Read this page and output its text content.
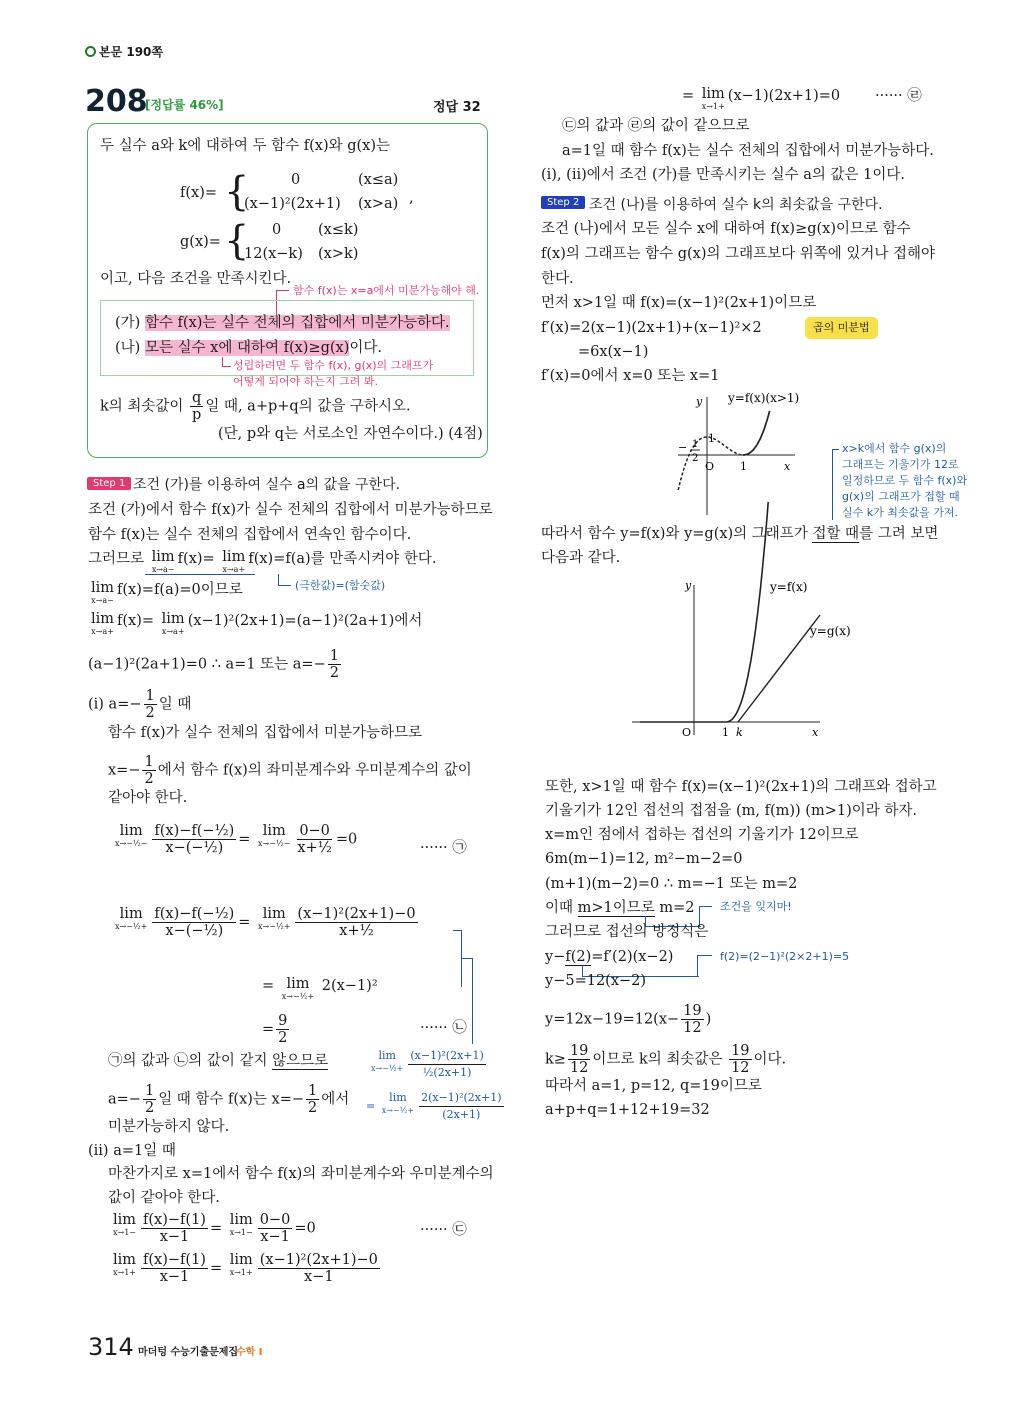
본문 190쪽
208
[정답률 46%]	정답 32
두 실수 a와 k에 대하여 두 함수 f(x)와 g(x)는
f(x)= {	0	(x≤a)
(x−1)²(2x+1) (x>a) ,
g(x)= { 0	(x≤k)
12(x−k) (x>k)
이고, 다음 조건을 만족시킨다.
함수 f(x)는 x=a에서 미분가능해야 해.
(가) 함수 f(x)는 실수 전체의 집합에서 미분가능하다.
(나) 모든 실수 x에 대하여 f(x)≥g(x)이다.
성립하려면 두 함수 f(x), g(x)의 그래프가
어떻게 되어야 하는지 그려 봐.
k의 최솟값이 $\frac{q}{p}$ 일 때, a+p+q의 값을 구하시오.
(단, p와 q는 서로소인 자연수이다.) (4점)
Step 1 조건 (가)를 이용하여 실수 a의 값을 구한다.
조건 (가)에서 함수 f(x)가 실수 전체의 집합에서 미분가능하므로
함수 f(x)는 실수 전체의 집합에서 연속인 함수이다.
그러므로 lim
x→a−
f(x)= lim
x→a+
f(x)=f(a)를 만족시켜야 한다.
(극한값)=(함숫값)
lim
x→a−
f(x)=f(a)=0이므로
lim
x→a+
f(x)= lim
x→a+
(x−1)²(2x+1)=(a−1)²(2a+1)에서
(a−1)²(2a+1)=0 ∴ a=1 또는 $a=- \frac{1}{2}$
(i) $a=- \frac{1}{2}$ 일 때
함수 f(x)가 실수 전체의 집합에서 미분가능하므로
$x=- \frac{1}{2}$ 에서 함수 f(x)의 좌미분계수와 우미분계수의 값이
같아야 한다.
lim
x→−½− $\frac{\text{f(x)−f(−½)}}{\text{x−(−½)}}$ =
lim
x→−½− $\frac{0-0}{\text{x+½}} =0$
······ ㉠
lim
x→−½+ $\frac{\text{f(x)−f(−½)}}{\text{x−(−½)}}$ =
lim
x→−½+ $\frac{\text{(x−1)²(2x+1)−0}}{\text{x+½}}$
= lim
x→−½+
2(x−1)²
= $\frac{9}{2}$	······ ㉡
lim
x→−½+ $\frac{\text{(x−1)²(2x+1)}}{\text{½(2x+1)}}$
=
lim
x→−½+ $\frac{\text{2(x−1)²(2x+1)}}{(2x+1)}$
㉠의 값과 ㉡의 값이 같지 않으므로
$a=- \frac{1}{2}$ 일 때 함수 f(x)는 $x=- \frac{1}{2}$ 에서
미분가능하지 않다.
(ii) a=1일 때
마찬가지로 x=1에서 함수 f(x)의 좌미분계수와 우미분계수의
값이 같아야 한다.
lim
$x\to 1- \frac{f(x)-f(1)}{x-1}$ =
lim
$x\to 1- \frac{0-0}{x-1} =0$	······ ㉢
lim
$x\to 1+ \frac{f(x)-f(1)}{x-1}$ =
lim
$x\to 1+ \frac{\text{(x−1)²(2x+1)−0}}{x-1}$
= lim
x→1+
(x−1)(2x+1)=0 ······ ㉣
㉢의 값과 ㉣의 값이 같으므로
a=1일 때 함수 f(x)는 실수 전체의 집합에서 미분가능하다.
(i), (ii)에서 조건 (가)를 만족시키는 실수 a의 값은 1이다.
Step 2 조건 (나)를 이용하여 실수 k의 최솟값을 구한다.
조건 (나)에서 모든 실수 x에 대하여 f(x)≥g(x)이므로 함수
f(x)의 그래프는 함수 g(x)의 그래프보다 위쪽에 있거나 접해야
한다.
먼저 x>1일 때 f(x)=(x−1)²(2x+1)이므로
f′(x)=2(x−1)(2x+1)+(x−1)²×2	곱의 미분법
=6x(x−1)
f′(x)=0에서 x=0 또는 x=1
y y=f(x)(x>1)
1
− 1
2
O 1	x
x>k에서 함수 g(x)의
그래프는 기울기가 12로
일정하므로 두 함수 f(x)와
g(x)의 그래프가 접할 때
실수 k가 최솟값을 가져.
따라서 함수 y=f(x)와 y=g(x)의 그래프가 접할 때를 그려 보면
다음과 같다.
y	y=f(x)
y=g(x)
O	1 k	x
또한, x>1일 때 함수 f(x)=(x−1)²(2x+1)의 그래프와 접하고
기울기가 12인 접선의 접점을 (m, f(m)) (m>1)이라 하자.
x=m인 점에서 접하는 접선의 기울기가 12이므로
6m(m−1)=12, m²−m−2=0
(m+1)(m−2)=0 ∴ m=−1 또는 m=2
이때 m>1이므로 m=2 조건을 잊지마!
그러므로 접선의 방정식은
y−f(2)=f′(2)(x−2)	f(2)=(2−1)²(2×2+1)=5
y−5=12(x−2)
$y=12x-19=12(x- \frac{19}{12}$ )
$k\ge \frac{19}{12}$ 이므로 k의 최솟값은 $\frac{19}{12}$ 이다.
따라서 a=1, p=12, q=19이므로
a+p+q=1+12+19=32
314 마더텅 수능기출문제집
수학 Ⅰ
